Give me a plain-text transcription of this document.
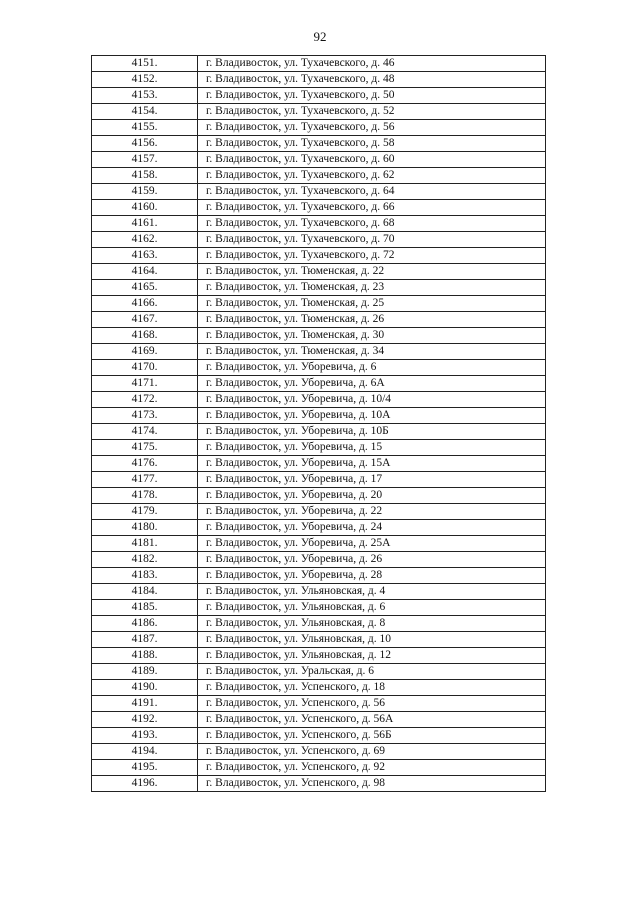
92
4151.	г. Владивосток, ул. Тухачевского, д. 46
4152.	г. Владивосток, ул. Тухачевского, д. 48
4153.	г. Владивосток, ул. Тухачевского, д. 50
4154.	г. Владивосток, ул. Тухачевского, д. 52
4155.	г. Владивосток, ул. Тухачевского, д. 56
4156.	г. Владивосток, ул. Тухачевского, д. 58
4157.	г. Владивосток, ул. Тухачевского, д. 60
4158.	г. Владивосток, ул. Тухачевского, д. 62
4159.	г. Владивосток, ул. Тухачевского, д. 64
4160.	г. Владивосток, ул. Тухачевского, д. 66
4161.	г. Владивосток, ул. Тухачевского, д. 68
4162.	г. Владивосток, ул. Тухачевского, д. 70
4163.	г. Владивосток, ул. Тухачевского, д. 72
4164.	г. Владивосток, ул. Тюменская, д. 22
4165.	г. Владивосток, ул. Тюменская, д. 23
4166.	г. Владивосток, ул. Тюменская, д. 25
4167.	г. Владивосток, ул. Тюменская, д. 26
4168.	г. Владивосток, ул. Тюменская, д. 30
4169.	г. Владивосток, ул. Тюменская, д. 34
4170.	г. Владивосток, ул. Уборевича, д. 6
4171.	г. Владивосток, ул. Уборевича, д. 6А
4172.	г. Владивосток, ул. Уборевича, д. 10/4
4173.	г. Владивосток, ул. Уборевича, д. 10А
4174.	г. Владивосток, ул. Уборевича, д. 10Б
4175.	г. Владивосток, ул. Уборевича, д. 15
4176.	г. Владивосток, ул. Уборевича, д. 15А
4177.	г. Владивосток, ул. Уборевича, д. 17
4178.	г. Владивосток, ул. Уборевича, д. 20
4179.	г. Владивосток, ул. Уборевича, д. 22
4180.	г. Владивосток, ул. Уборевича, д. 24
4181.	г. Владивосток, ул. Уборевича, д. 25А
4182.	г. Владивосток, ул. Уборевича, д. 26
4183.	г. Владивосток, ул. Уборевича, д. 28
4184.	г. Владивосток, ул. Ульяновская, д. 4
4185.	г. Владивосток, ул. Ульяновская, д. 6
4186.	г. Владивосток, ул. Ульяновская, д. 8
4187.	г. Владивосток, ул. Ульяновская, д. 10
4188.	г. Владивосток, ул. Ульяновская, д. 12
4189.	г. Владивосток, ул. Уральская, д. 6
4190.	г. Владивосток, ул. Успенского, д. 18
4191.	г. Владивосток, ул. Успенского, д. 56
4192.	г. Владивосток, ул. Успенского, д. 56А
4193.	г. Владивосток, ул. Успенского, д. 56Б
4194.	г. Владивосток, ул. Успенского, д. 69
4195.	г. Владивосток, ул. Успенского, д. 92
4196.	г. Владивосток, ул. Успенского, д. 98
